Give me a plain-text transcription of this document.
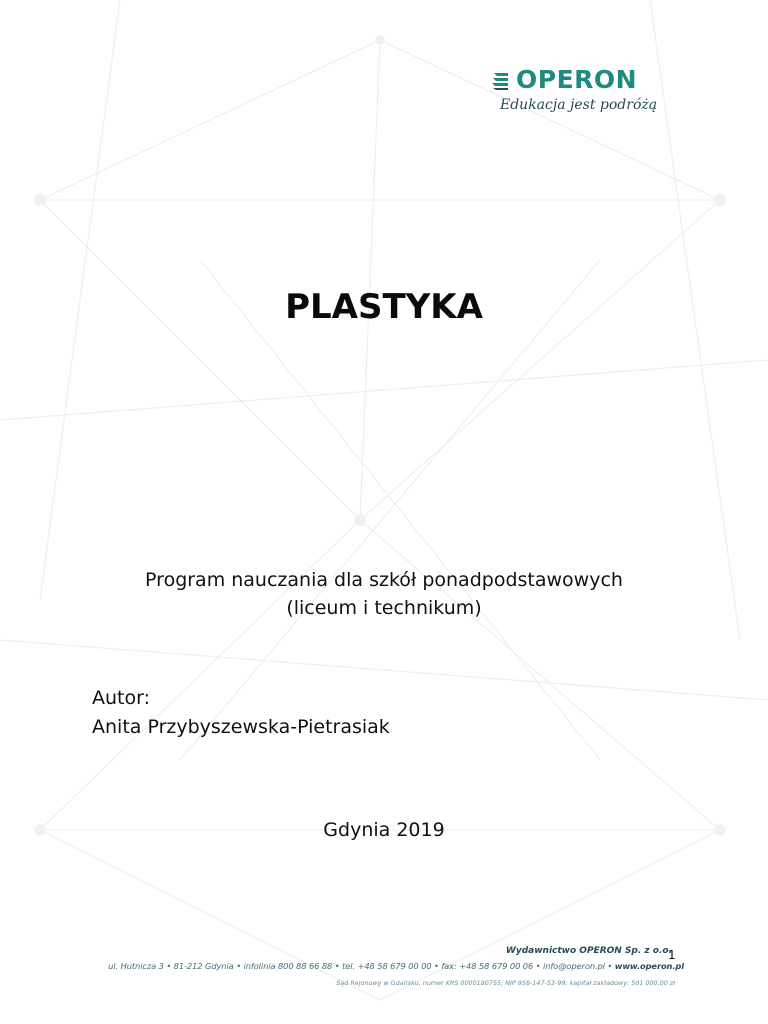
OPERON
Edukacja jest podróżą
PLASTYKA
Program nauczania dla szkół ponadpodstawowych
(liceum i technikum)
Autor:
Anita Przybyszewska-Pietrasiak
Gdynia 2019
Wydawnictwo OPERON Sp. z o.o.
1
ul. Hutnicza 3 • 81-212 Gdynia • infolinia 800 88 66 88 • tel. +48 58 679 00 00 • fax: +48 58 679 00 06 • info@operon.pl • www.operon.pl
Sąd Rejonowy w Gdańsku, numer KRS 0000180755; NIP 958-147-53-99; kapitał zakładowy: 501 000,00 zł
